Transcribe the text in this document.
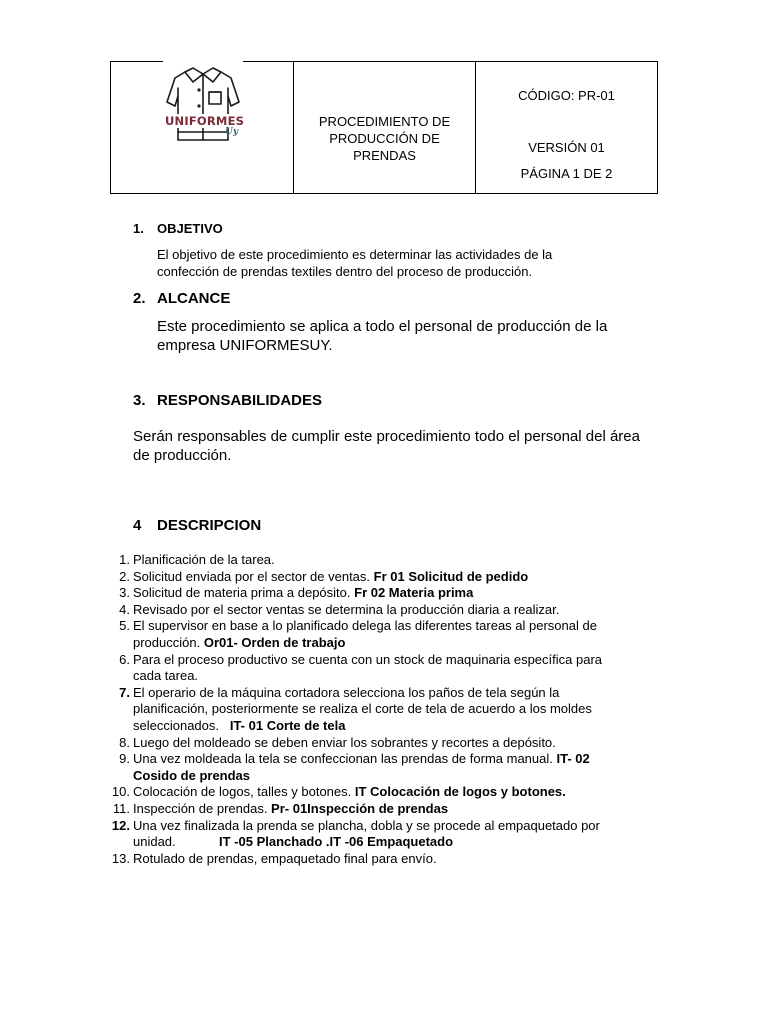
UNIFORMES
Uy
PROCEDIMIENTO DE
PRODUCCIÓN DE
PRENDAS
CÓDIGO: PR-01
VERSIÓN 01
PÁGINA 1 DE 2
1. OBJETIVO
El objetivo de este procedimiento es determinar las actividades de la
confección de prendas textiles dentro del proceso de producción.
2. ALCANCE
Este procedimiento se aplica a todo el personal de producción de la
empresa UNIFORMESUY.
3. RESPONSABILIDADES
Serán responsables de cumplir este procedimiento todo el personal del área
de producción.
4 DESCRIPCION
1. Planificación de la tarea.
2. Solicitud enviada por el sector de ventas. Fr 01 Solicitud de pedido
3. Solicitud de materia prima a depósito. Fr 02 Materia prima
4. Revisado por el sector ventas se determina la producción diaria a realizar.
5. El supervisor en base a lo planificado delega las diferentes tareas al personal de
producción. Or01- Orden de trabajo
6. Para el proceso productivo se cuenta con un stock de maquinaria específica para
cada tarea.
7. El operario de la máquina cortadora selecciona los paños de tela según la
planificación, posteriormente se realiza el corte de tela de acuerdo a los moldes
seleccionados.   IT- 01 Corte de tela
8. Luego del moldeado se deben enviar los sobrantes y recortes a depósito.
9. Una vez moldeada la tela se confeccionan las prendas de forma manual. IT- 02
Cosido de prendas
10. Colocación de logos, talles y botones. IT Colocación de logos y botones.
11. Inspección de prendas. Pr- 01Inspección de prendas
12. Una vez finalizada la prenda se plancha, dobla y se procede al empaquetado por
unidad.            IT -05 Planchado .IT -06 Empaquetado
13. Rotulado de prendas, empaquetado final para envío.
